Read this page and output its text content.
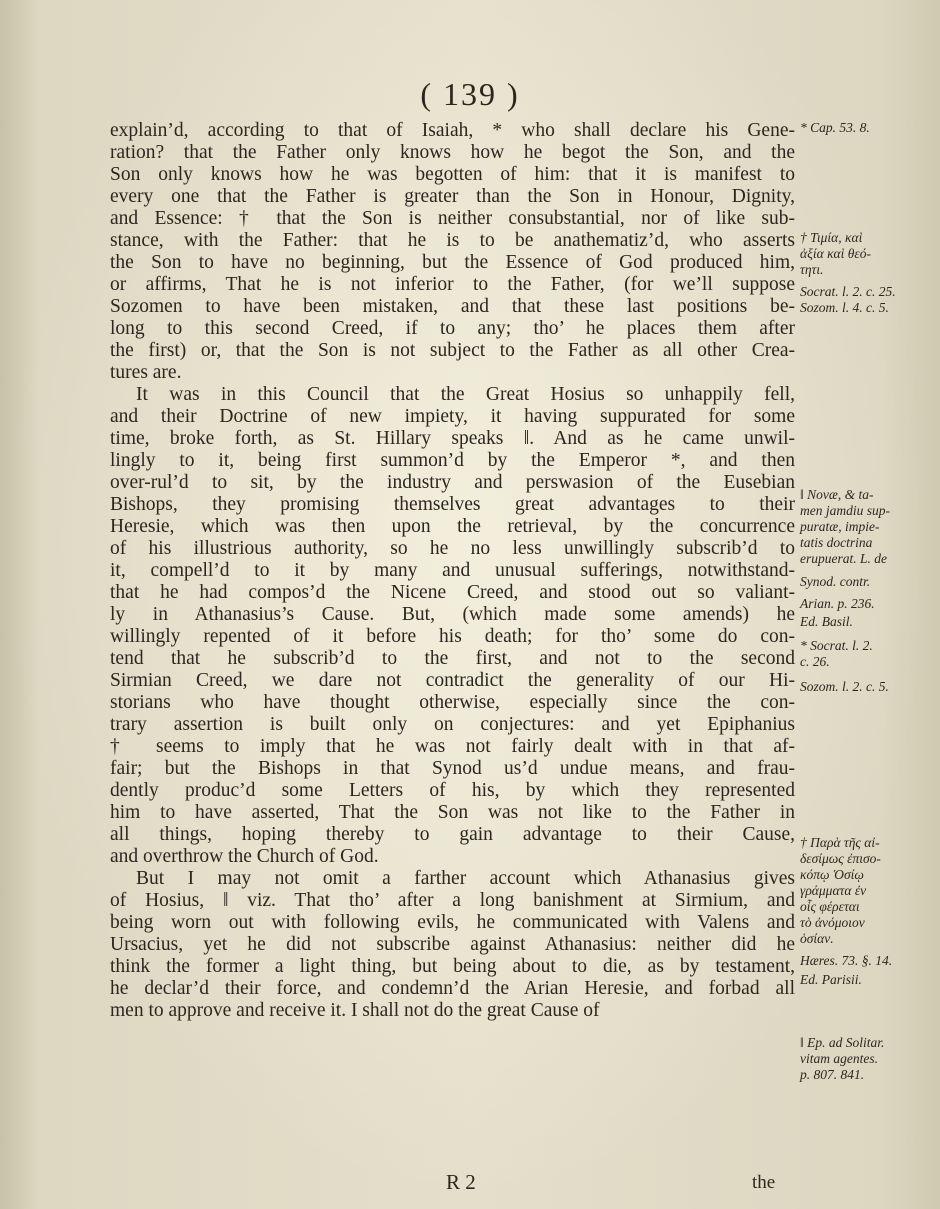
( 139 )
explain’d, according to that of Isaiah, * who shall declare his Gene-
ration? that the Father only knows how he begot the Son, and the
Son only knows how he was begotten of him: that it is manifest to
every one that the Father is greater than the Son in Honour, Dignity,
and Essence: † that the Son is neither consubstantial, nor of like sub-
stance, with the Father: that he is to be anathematiz’d, who asserts
the Son to have no beginning, but the Essence of God produced him,
or affirms, That he is not inferior to the Father, (for we’ll suppose
Sozomen to have been mistaken, and that these last positions be-
long to this second Creed, if to any; tho’ he places them after
the first) or, that the Son is not subject to the Father as all other Crea-
tures are.
It was in this Council that the Great Hosius so unhappily fell,
and their Doctrine of new impiety, it having suppurated for some
time, broke forth, as St. Hillary speaks ‖. And as he came unwil-
lingly to it, being first summon’d by the Emperor *, and then
over-rul’d to sit, by the industry and perswasion of the Eusebian
Bishops, they promising themselves great advantages to their
Heresie, which was then upon the retrieval, by the concurrence
of his illustrious authority, so he no less unwillingly subscrib’d to
it, compell’d to it by many and unusual sufferings, notwithstand-
that he had compos’d the Nicene Creed, and stood out so valiant-
ly in Athanasius’s Cause. But, (which made some amends) he
willingly repented of it before his death; for tho’ some do con-
tend that he subscrib’d to the first, and not to the second
Sirmian Creed, we dare not contradict the generality of our Hi-
storians who have thought otherwise, especially since the con-
trary assertion is built only on conjectures: and yet Epiphanius
† seems to imply that he was not fairly dealt with in that af-
fair; but the Bishops in that Synod us’d undue means, and frau-
dently produc’d some Letters of his, by which they represented
him to have asserted, That the Son was not like to the Father in
all things, hoping thereby to gain advantage to their Cause,
and overthrow the Church of God.
But I may not omit a farther account which Athanasius gives
of Hosius, ‖ viz. That tho’ after a long banishment at Sirmium, and
being worn out with following evils, he communicated with Valens and
Ursacius, yet he did not subscribe against Athanasius: neither did he
think the former a light thing, but being about to die, as by testament,
he declar’d their force, and condemn’d the Arian Heresie, and forbad all
men to approve and receive it. I shall not do the great Cause of
* Cap. 53. 8.
† Τιμία, καὶ
ἀξία καὶ θεό-
τητι.
Socrat. l. 2. c. 25.
Sozom. l. 4. c. 5.
‖ Novæ, & ta-
men jamdiu sup-
puratæ, impie-
tatis doctrina
erupuerat. L. de
Synod. contr.
Arian. p. 236.
Ed. Basil.
* Socrat. l. 2.
c. 26.
Sozom. l. 2. c. 5.
† Παρὰ τῆς αἰ-
δεσίμως ἐπισο-
κόπῳ Ὁσίῳ
γράμματα ἐν
οἷς φέρεται
τὸ ἀνόμοιον
ὁσίαν.
Hæres. 73. §. 14.
Ed. Parisii.
‖ Ep. ad Solitar.
vitam agentes.
p. 807. 841.
R 2	the
